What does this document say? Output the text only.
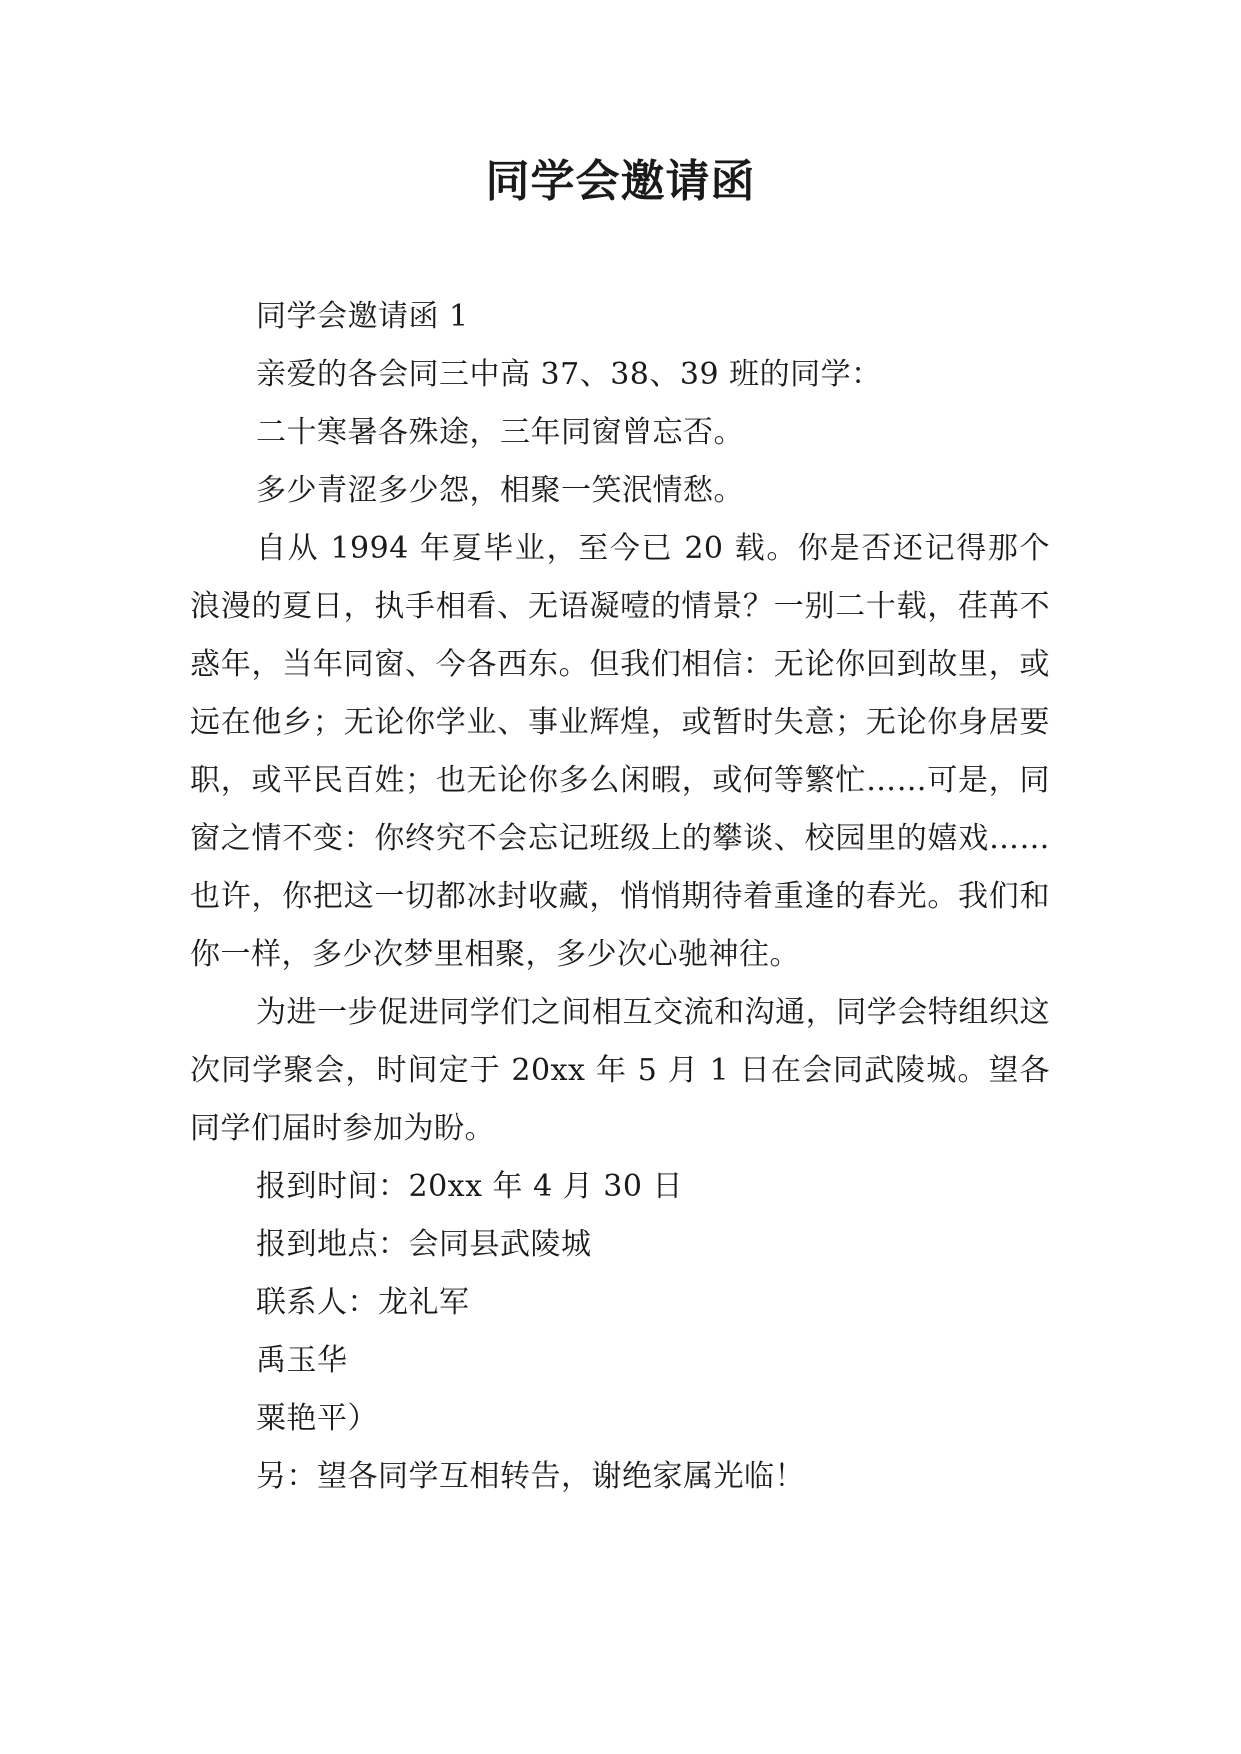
同学会邀请函

同学会邀请函 1

亲爱的各会同三中高 37、38、39 班的同学：

二十寒暑各殊途，三年同窗曾忘否。

多少青涩多少怨，相聚一笑泯情愁。

自从 1994 年夏毕业，至今已 20 载。你是否还记得那个浪漫的夏日，执手相看、无语凝噎的情景？一别二十载，荏苒不惑年，当年同窗、今各西东。但我们相信：无论你回到故里，或远在他乡；无论你学业、事业辉煌，或暂时失意；无论你身居要职，或平民百姓；也无论你多么闲暇，或何等繁忙……可是，同窗之情不变：你终究不会忘记班级上的攀谈、校园里的嬉戏……也许，你把这一切都冰封收藏，悄悄期待着重逢的春光。我们和你一样，多少次梦里相聚，多少次心驰神往。

为进一步促进同学们之间相互交流和沟通，同学会特组织这次同学聚会，时间定于 20xx 年 5 月 1 日在会同武陵城。望各同学们届时参加为盼。

报到时间：20xx 年 4 月 30 日

报到地点：会同县武陵城

联系人：龙礼军

禹玉华

粟艳平）

另：望各同学互相转告，谢绝家属光临！
